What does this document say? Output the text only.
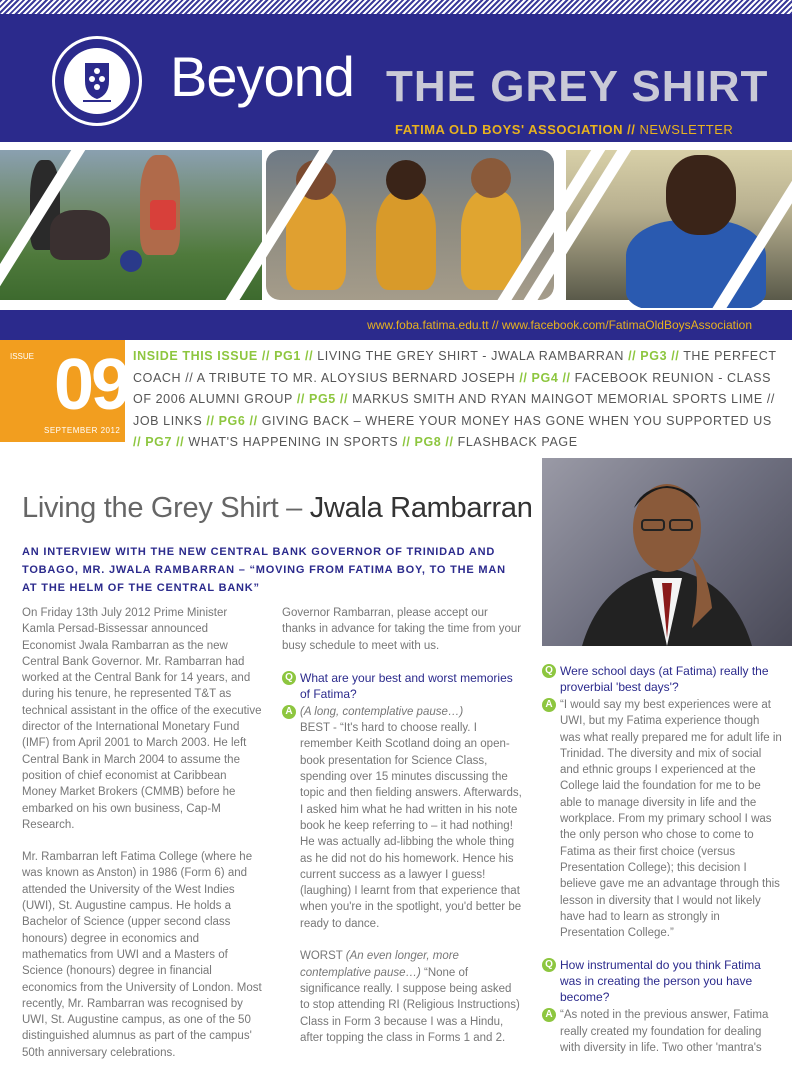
Beyond THE GREY SHIRT
FATIMA OLD BOYS' ASSOCIATION // NEWSLETTER
www.foba.fatima.edu.tt // www.facebook.com/FatimaOldBoysAssociation
ISSUE 09
SEPTEMBER 2012
INSIDE THIS ISSUE // PG1 // LIVING THE GREY SHIRT - JWALA RAMBARRAN // PG3 // THE PERFECT COACH // A TRIBUTE TO MR. ALOYSIUS BERNARD JOSEPH // PG4 // FACEBOOK REUNION - CLASS OF 2006 ALUMNI GROUP // PG5 // MARKUS SMITH AND RYAN MAINGOT MEMORIAL SPORTS LIME // JOB LINKS // PG6 // GIVING BACK – WHERE YOUR MONEY HAS GONE WHEN YOU SUPPORTED US // PG7 // WHAT'S HAPPENING IN SPORTS // PG8 // FLASHBACK PAGE
Living the Grey Shirt – Jwala Rambarran
AN INTERVIEW WITH THE NEW CENTRAL BANK GOVERNOR OF TRINIDAD AND TOBAGO, MR. JWALA RAMBARRAN – “MOVING FROM FATIMA BOY, TO THE MAN AT THE HELM OF THE CENTRAL BANK”

On Friday 13th July 2012 Prime Minister Kamla Persad-Bissessar announced Economist Jwala Rambarran as the new Central Bank Governor. Mr. Rambarran had worked at the Central Bank for 14 years, and during his tenure, he represented T&T as technical assistant in the office of the executive director of the International Monetary Fund (IMF) from April 2001 to March 2003. He left Central Bank in March 2004 to assume the position of chief economist at Caribbean Money Market Brokers (CMMB) before he embarked on his own business, Cap-M Research.

Mr. Rambarran left Fatima College (where he was known as Anston) in 1986 (Form 6) and attended the University of the West Indies (UWI), St. Augustine campus. He holds a Bachelor of Science (upper second class honours) degree in economics and mathematics from UWI and a Masters of Science (honours) degree in financial economics from the University of London. Most recently, Mr. Rambarran was recognised by UWI, St. Augustine campus, as one of the 50 distinguished alumnus as part of the campus' 50th anniversary celebrations.

Governor Rambarran, please accept our thanks in advance for taking the time from your busy schedule to meet with us.

Q What are your best and worst memories of Fatima?
A (A long, contemplative pause…)
BEST - “It's hard to choose really. I remember Keith Scotland doing an open-book presentation for Science Class, spending over 15 minutes discussing the topic and then fielding answers. Afterwards, I asked him what he had written in his note book he keep referring to – it had nothing! He was actually ad-libbing the whole thing as he did not do his homework. Hence his current success as a lawyer I guess! (laughing) I learnt from that experience that when you're in the spotlight, you'd better be ready to dance.

WORST (An even longer, more contemplative pause…) “None of significance really. I suppose being asked to stop attending RI (Religious Instructions) Class in Form 3 because I was a Hindu, after topping the class in Forms 1 and 2.
Q Were school days (at Fatima) really the proverbial 'best days'?
A “I would say my best experiences were at UWI, but my Fatima experience though was what really prepared me for adult life in Trinidad. The diversity and mix of social and ethnic groups I experienced at the College laid the foundation for me to be able to manage diversity in life and the workplace. From my primary school I was the only person who chose to come to Fatima as their first choice (versus Presentation College); this decision I believe gave me an advantage through this lesson in diversity that I would not likely have had to learn as strongly in Presentation College.”
Q How instrumental do you think Fatima was in creating the person you have become?
A “As noted in the previous answer, Fatima really created my foundation for dealing with diversity in life. Two other 'mantra's
